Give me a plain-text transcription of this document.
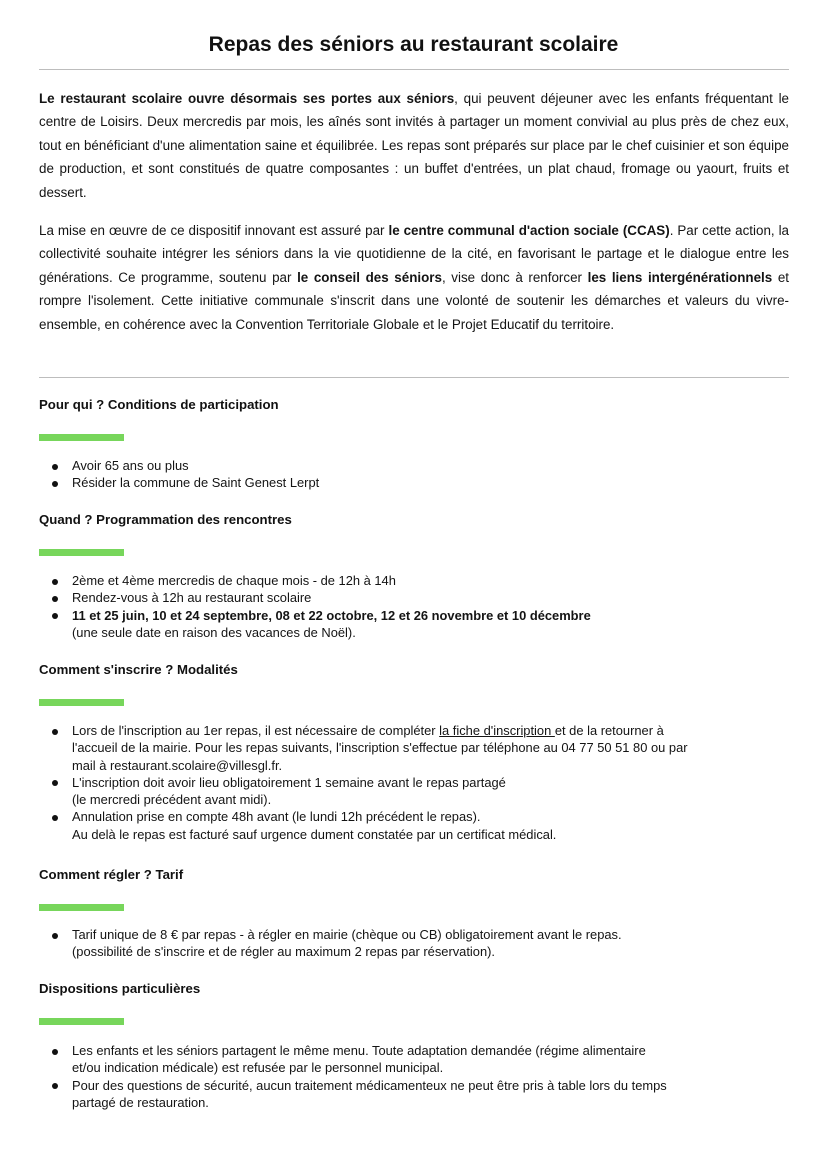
Repas des séniors au restaurant scolaire

Le restaurant scolaire ouvre désormais ses portes aux séniors, qui peuvent déjeuner avec les enfants fréquentant le centre de Loisirs. Deux mercredis par mois, les aînés sont invités à partager un moment convivial au plus près de chez eux, tout en bénéficiant d'une alimentation saine et équilibrée. Les repas sont préparés sur place par le chef cuisinier et son équipe de production, et sont constitués de quatre composantes : un buffet d'entrées, un plat chaud, fromage ou yaourt, fruits et dessert.

La mise en œuvre de ce dispositif innovant est assuré par le centre communal d'action sociale (CCAS). Par cette action, la collectivité souhaite intégrer les séniors dans la vie quotidienne de la cité, en favorisant le partage et le dialogue entre les générations. Ce programme, soutenu par le conseil des séniors, vise donc à renforcer les liens intergénérationnels et rompre l'isolement. Cette initiative communale s'inscrit dans une volonté de soutenir les démarches et valeurs du vivre-ensemble, en cohérence avec la Convention Territoriale Globale et le Projet Educatif du territoire.

Pour qui ? Conditions de participation
Avoir 65 ans ou plus
Résider la commune de Saint Genest Lerpt
Quand ? Programmation des rencontres
2ème et 4ème mercredis de chaque mois - de 12h à 14h
Rendez-vous à 12h au restaurant scolaire
11 et 25 juin, 10 et 24 septembre, 08 et 22 octobre, 12 et 26 novembre et 10 décembre
(une seule date en raison des vacances de Noël).
Comment s'inscrire ? Modalités
Lors de l'inscription au 1er repas, il est nécessaire de compléter la fiche d'inscription et de la retourner à
l'accueil de la mairie. Pour les repas suivants, l'inscription s'effectue par téléphone au 04 77 50 51 80 ou par
mail à restaurant.scolaire@villesgl.fr.
L'inscription doit avoir lieu obligatoirement 1 semaine avant le repas partagé
(le mercredi précédent avant midi).
Annulation prise en compte 48h avant (le lundi 12h précédent le repas).
Au delà le repas est facturé sauf urgence dument constatée par un certificat médical.
Comment régler ? Tarif
Tarif unique de 8 € par repas - à régler en mairie (chèque ou CB) obligatoirement avant le repas.
(possibilité de s'inscrire et de régler au maximum 2 repas par réservation).
Dispositions particulières
Les enfants et les séniors partagent le même menu. Toute adaptation demandée (régime alimentaire
et/ou indication médicale) est refusée par le personnel municipal.
Pour des questions de sécurité, aucun traitement médicamenteux ne peut être pris à table lors du temps
partagé de restauration.
